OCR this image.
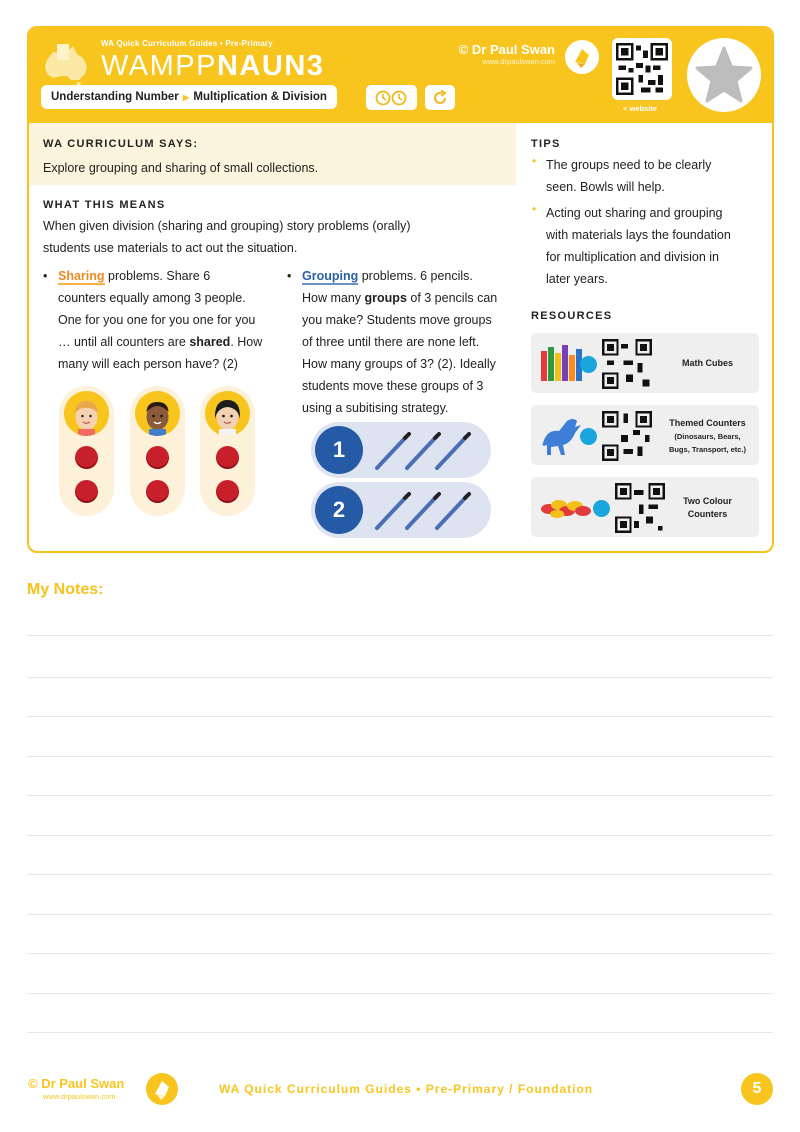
WA Quick Curriculum Guides • Pre-Primary
WAMPPNAUN3
Understanding Number ▶ Multiplication & Division
© Dr Paul Swan
www.drpaulswan.com
< website
WA CURRICULUM SAYS:
Explore grouping and sharing of small collections.
WHAT THIS MEANS
When given division (sharing and grouping) story problems (orally)
students use materials to act out the situation.
• Sharing problems. Share 6
counters equally among 3 people.
One for you one for you one for you
… until all counters are shared. How
many will each person have? (2)
• Grouping problems. 6 pencils.
How many groups of 3 pencils can
you make? Students move groups
of three until there are none left.
How many groups of 3? (2). Ideally
students move these groups of 3
using a subitising strategy.
1
2
TIPS
• The groups need to be clearly
seen. Bowls will help.
• Acting out sharing and grouping
with materials lays the foundation
for multiplication and division in
later years.
RESOURCES
Math Cubes
Themed Counters
(Dinosaurs, Bears,
Bugs, Transport, etc.)
Two Colour
Counters
My Notes:
© Dr Paul Swan
www.drpaulswan.com
WA Quick Curriculum Guides • Pre-Primary / Foundation	5
